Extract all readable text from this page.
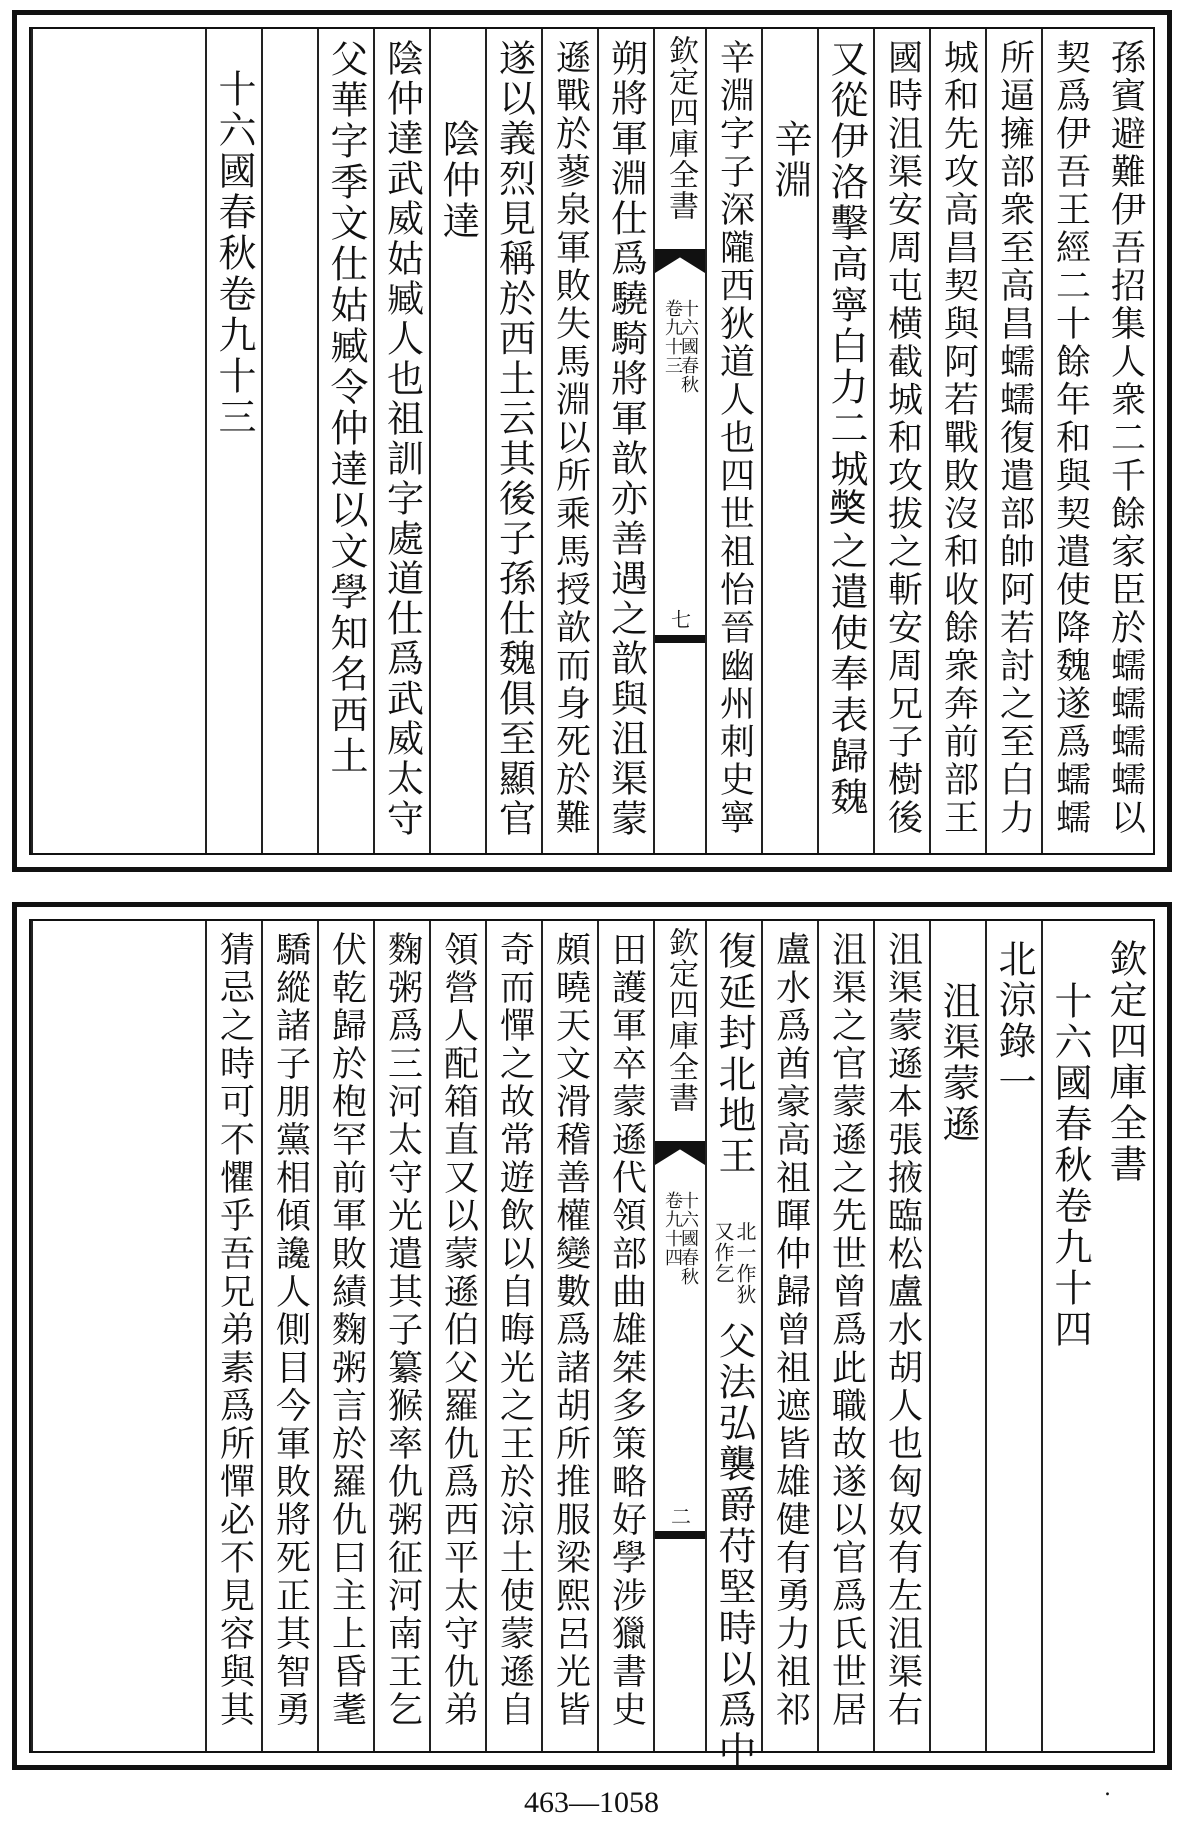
孫賓避難伊吾招集人衆二千餘家臣於蠕蠕蠕蠕以
契爲伊吾王經二十餘年和與契遣使降魏遂爲蠕蠕
所逼擁部衆至高昌蠕蠕復遣部帥阿若討之至白力
城和先攻高昌契與阿若戰敗沒和收餘衆奔前部王
國時沮渠安周屯横截城和攻拔之斬安周兄子樹後
又從伊洛擊高寧白力二城𡚁之遣使奉表歸魏
辛淵
辛淵字子深隴西狄道人也四世祖怡晉幽州刺史寧
欽定四庫全書
十六國春秋
卷九十三
七
朔將軍淵仕爲驍騎將軍歆亦善遇之歆與沮渠蒙
遜戰於蓼泉軍敗失馬淵以所乘馬授歆而身死於難
遂以義烈見稱於西土云其後子孫仕魏俱至顯官
陰仲達
陰仲達武威姑臧人也祖訓字處道仕爲武威太守
父華字季文仕姑臧令仲達以文學知名西土
十六國春秋卷九十三
欽定四庫全書
十六國春秋卷九十四
北涼錄一
沮渠蒙遜
沮渠蒙遜本張掖臨松盧水胡人也匈奴有左沮渠右
沮渠之官蒙遜之先世曾爲此職故遂以官爲氏世居
盧水爲酋豪高祖暉仲歸曾祖遮皆雄健有勇力祖祁
復延封北地王
北一作狄
又作乞
父法弘襲爵苻堅時以爲中
欽定四庫全書
十六國春秋
卷九十四
二
田護軍卒蒙遜代領部曲雄桀多策略好學涉獵書史
頗曉天文滑稽善權變數爲諸胡所推服梁熙呂光皆
奇而憚之故常遊飲以自晦光之王於涼土使蒙遜自
領營人配箱直又以蒙遜伯父羅仇爲西平太守仇弟
麴粥爲三河太守光遣其子纂𤠣率仇粥征河南王乞
伏乾歸於枹罕前軍敗績麴粥言於羅仇曰主上昏耄
驕縱諸子朋黨相傾讒人側目今軍敗將死正其智勇
猜忌之時可不懼乎吾兄弟素爲所憚必不見容與其
.
463—1058
